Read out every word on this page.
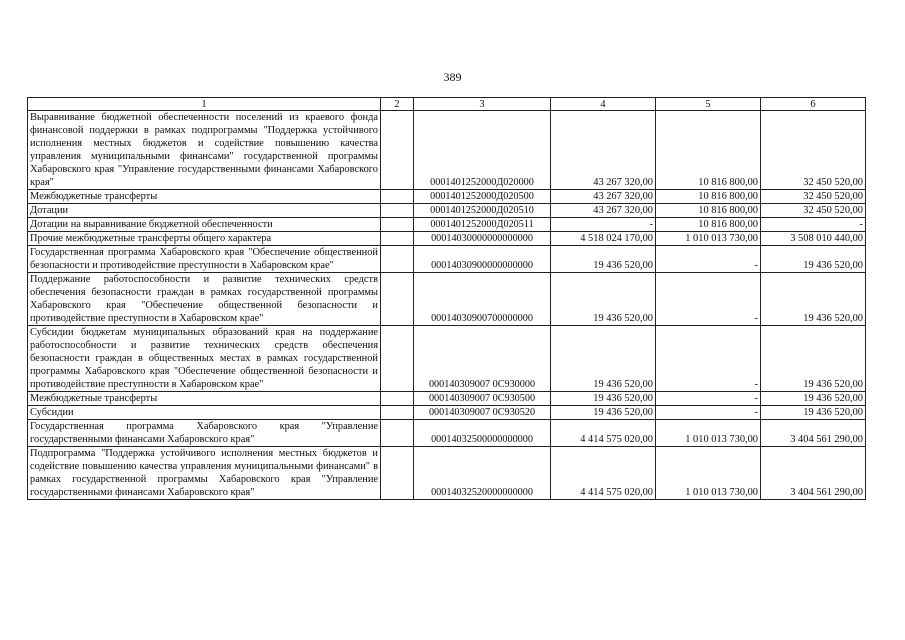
389
1	2	3	4	5	6
Выравнивание бюджетной обеспеченности поселений из краевого фонда финансовой поддержки в рамках подпрограммы "Поддержка устойчивого исполнения местных бюджетов и содействие повышению качества управления муниципальными финансами" государственной программы Хабаровского края "Управление государственными финансами Хабаровского края"		0001401252000Д020000	43 267 320,00	10 816 800,00	32 450 520,00
Межбюджетные трансферты		0001401252000Д020500	43 267 320,00	10 816 800,00	32 450 520,00
Дотации		0001401252000Д020510	43 267 320,00	10 816 800,00	32 450 520,00
Дотации на выравнивание бюджетной обеспеченности		0001401252000Д020511	-	10 816 800,00	-
Прочие межбюджетные трансферты общего характера		00014030000000000000	4 518 024 170,00	1 010 013 730,00	3 508 010 440,00
Государственная программа Хабаровского края "Обеспечение общественной безопасности и противодействие преступности в Хабаровском крае"		00014030900000000000	19 436 520,00	-	19 436 520,00
Поддержание работоспособности и развитие технических средств обеспечения безопасности граждан в рамках государственной программы Хабаровского края "Обеспечение общественной безопасности и противодействие преступности в Хабаровском крае"		00014030900700000000	19 436 520,00	-	19 436 520,00
Субсидии бюджетам муниципальных образований края на поддержание работоспособности и развитие технических средств обеспечения безопасности граждан в общественных местах в рамках государственной программы Хабаровского края "Обеспечение общественной безопасности и противодействие преступности в Хабаровском крае"		000140309007 0C930000	19 436 520,00	-	19 436 520,00
Межбюджетные трансферты		000140309007 0C930500	19 436 520,00	-	19 436 520,00
Субсидии		000140309007 0C930520	19 436 520,00	-	19 436 520,00
Государственная программа Хабаровского края "Управление государственными финансами Хабаровского края"		00014032500000000000	4 414 575 020,00	1 010 013 730,00	3 404 561 290,00
Подпрограмма "Поддержка устойчивого исполнения местных бюджетов и содействие повышению качества управления муниципальными финансами" в рамках государственной программы Хабаровского края "Управление государственными финансами Хабаровского края"		00014032520000000000	4 414 575 020,00	1 010 013 730,00	3 404 561 290,00
